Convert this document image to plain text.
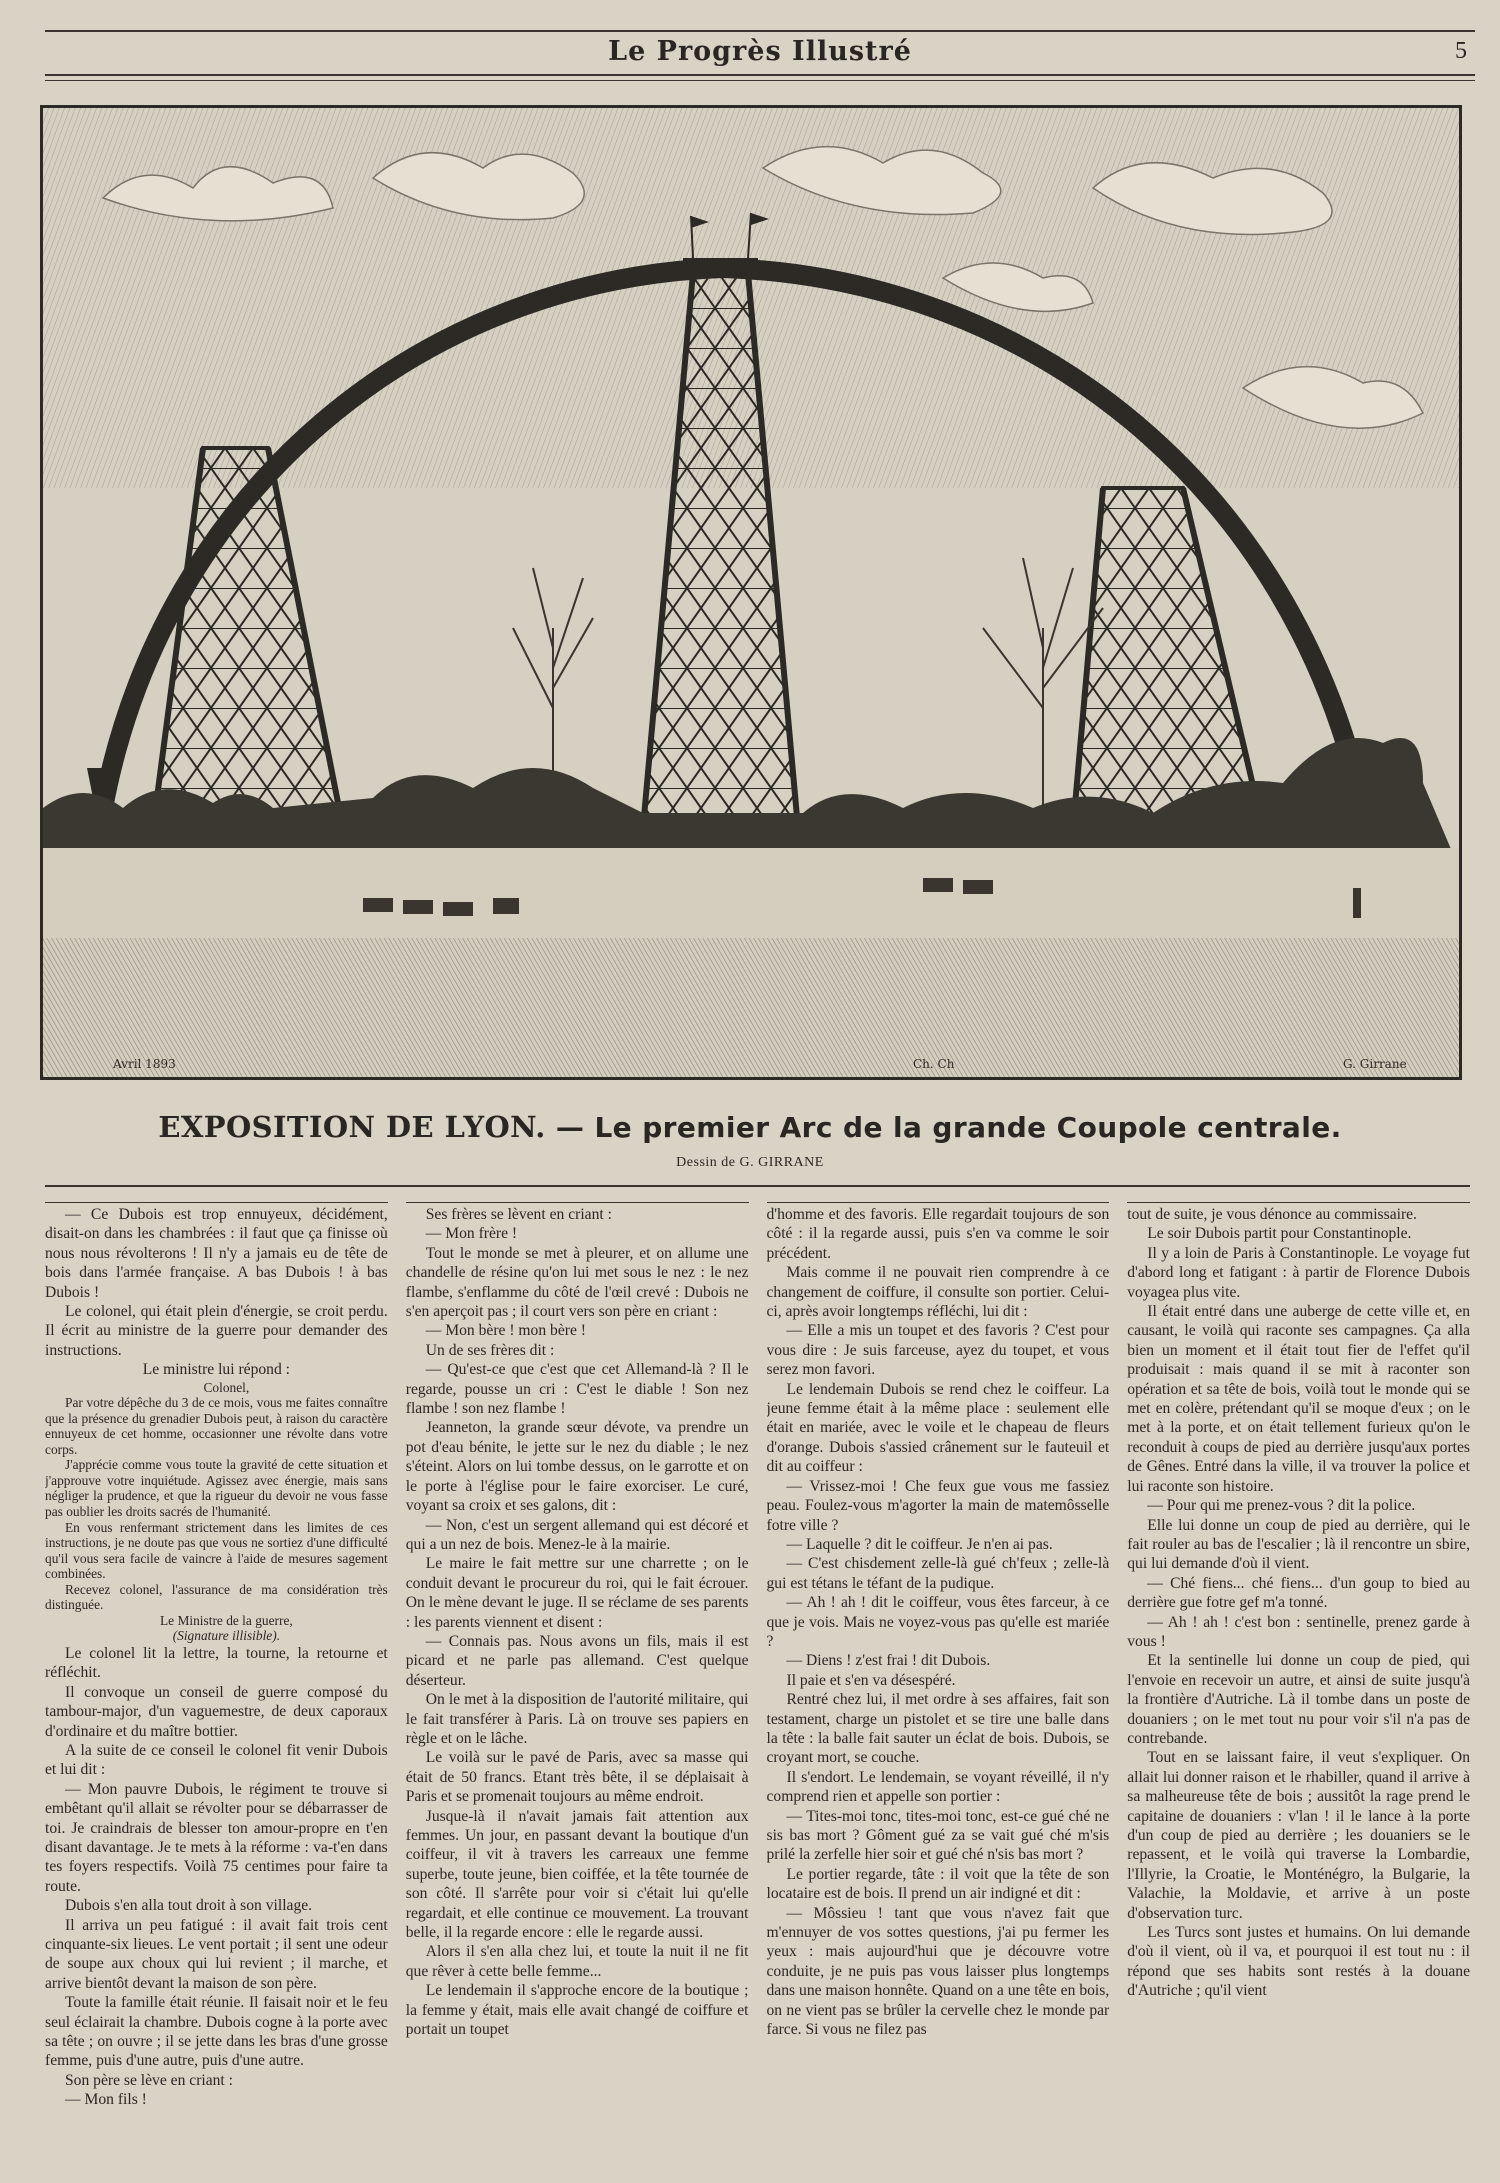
Le Progrès Illustré	5
Avril 1893	Ch. Ch	G. Girrane
EXPOSITION DE LYON. — Le premier Arc de la grande Coupole centrale.
Dessin de G. GIRRANE

— Ce Dubois est trop ennuyeux, décidément, disait-on dans les chambrées : il faut que ça finisse où nous nous révolterons ! Il n'y a jamais eu de tête de bois dans l'armée française. A bas Dubois ! à bas Dubois !

Le colonel, qui était plein d'énergie, se croit perdu. Il écrit au ministre de la guerre pour demander des instructions.

Le ministre lui répond :

Colonel,

Par votre dépêche du 3 de ce mois, vous me faites connaître que la présence du grenadier Dubois peut, à raison du caractère ennuyeux de cet homme, occasionner une révolte dans votre corps.

J'apprécie comme vous toute la gravité de cette situation et j'approuve votre inquiétude. Agissez avec énergie, mais sans négliger la prudence, et que la rigueur du devoir ne vous fasse pas oublier les droits sacrés de l'humanité.

En vous renfermant strictement dans les limites de ces instructions, je ne doute pas que vous ne sortiez d'une difficulté qu'il vous sera facile de vaincre à l'aide de mesures sagement combinées.

Recevez colonel, l'assurance de ma considération très distinguée.

Le Ministre de la guerre,

(Signature illisible).

Le colonel lit la lettre, la tourne, la retourne et réfléchit.

Il convoque un conseil de guerre composé du tambour-major, d'un vaguemestre, de deux caporaux d'ordinaire et du maître bottier.

A la suite de ce conseil le colonel fit venir Dubois et lui dit :

— Mon pauvre Dubois, le régiment te trouve si embêtant qu'il allait se révolter pour se débarrasser de toi. Je craindrais de blesser ton amour-propre en t'en disant davantage. Je te mets à la réforme : va-t'en dans tes foyers respectifs. Voilà 75 centimes pour faire ta route.

Dubois s'en alla tout droit à son village.

Il arriva un peu fatigué : il avait fait trois cent cinquante-six lieues. Le vent portait ; il sent une odeur de soupe aux choux qui lui revient ; il marche, et arrive bientôt devant la maison de son père.

Toute la famille était réunie. Il faisait noir et le feu seul éclairait la chambre. Dubois cogne à la porte avec sa tête ; on ouvre ; il se jette dans les bras d'une grosse femme, puis d'une autre, puis d'une autre.

Son père se lève en criant :

— Mon fils !

Ses frères se lèvent en criant :

— Mon frère !

Tout le monde se met à pleurer, et on allume une chandelle de résine qu'on lui met sous le nez : le nez flambe, s'enflamme du côté de l'œil crevé : Dubois ne s'en aperçoit pas ; il court vers son père en criant :

— Mon bère ! mon bère !

Un de ses frères dit :

— Qu'est-ce que c'est que cet Allemand-là ? Il le regarde, pousse un cri : C'est le diable ! Son nez flambe ! son nez flambe !

Jeanneton, la grande sœur dévote, va prendre un pot d'eau bénite, le jette sur le nez du diable ; le nez s'éteint. Alors on lui tombe dessus, on le garrotte et on le porte à l'église pour le faire exorciser. Le curé, voyant sa croix et ses galons, dit :

— Non, c'est un sergent allemand qui est décoré et qui a un nez de bois. Menez-le à la mairie.

Le maire le fait mettre sur une charrette ; on le conduit devant le procureur du roi, qui le fait écrouer. On le mène devant le juge. Il se réclame de ses parents : les parents viennent et disent :

— Connais pas. Nous avons un fils, mais il est picard et ne parle pas allemand. C'est quelque déserteur.

On le met à la disposition de l'autorité militaire, qui le fait transférer à Paris. Là on trouve ses papiers en règle et on le lâche.

Le voilà sur le pavé de Paris, avec sa masse qui était de 50 francs. Etant très bête, il se déplaisait à Paris et se promenait toujours au même endroit.

Jusque-là il n'avait jamais fait attention aux femmes. Un jour, en passant devant la boutique d'un coiffeur, il vit à travers les carreaux une femme superbe, toute jeune, bien coiffée, et la tête tournée de son côté. Il s'arrête pour voir si c'était lui qu'elle regardait, et elle continue ce mouvement. La trouvant belle, il la regarde encore : elle le regarde aussi.

Alors il s'en alla chez lui, et toute la nuit il ne fit que rêver à cette belle femme...

Le lendemain il s'approche encore de la boutique ; la femme y était, mais elle avait changé de coiffure et portait un toupet

d'homme et des favoris. Elle regardait toujours de son côté : il la regarde aussi, puis s'en va comme le soir précédent.

Mais comme il ne pouvait rien comprendre à ce changement de coiffure, il consulte son portier. Celui-ci, après avoir longtemps réfléchi, lui dit :

— Elle a mis un toupet et des favoris ? C'est pour vous dire : Je suis farceuse, ayez du toupet, et vous serez mon favori.

Le lendemain Dubois se rend chez le coiffeur. La jeune femme était à la même place : seulement elle était en mariée, avec le voile et le chapeau de fleurs d'orange. Dubois s'assied crânement sur le fauteuil et dit au coiffeur :

— Vrissez-moi ! Che feux gue vous me fassiez peau. Foulez-vous m'agorter la main de matemôsselle fotre ville ?

— Laquelle ? dit le coiffeur. Je n'en ai pas.

— C'est chisdement zelle-là gué ch'feux ; zelle-là gui est tétans le téfant de la pudique.

— Ah ! ah ! dit le coiffeur, vous êtes farceur, à ce que je vois. Mais ne voyez-vous pas qu'elle est mariée ?

— Diens ! z'est frai ! dit Dubois.

Il paie et s'en va désespéré.

Rentré chez lui, il met ordre à ses affaires, fait son testament, charge un pistolet et se tire une balle dans la tête : la balle fait sauter un éclat de bois. Dubois, se croyant mort, se couche.

Il s'endort. Le lendemain, se voyant réveillé, il n'y comprend rien et appelle son portier :

— Tites-moi tonc, tites-moi tonc, est-ce gué ché ne sis bas mort ? Gôment gué za se vait gué ché m'sis prilé la zerfelle hier soir et gué ché n'sis bas mort ?

Le portier regarde, tâte : il voit que la tête de son locataire est de bois. Il prend un air indigné et dit :

— Môssieu ! tant que vous n'avez fait que m'ennuyer de vos sottes questions, j'ai pu fermer les yeux : mais aujourd'hui que je découvre votre conduite, je ne puis pas vous laisser plus longtemps dans une maison honnête. Quand on a une tête en bois, on ne vient pas se brûler la cervelle chez le monde par farce. Si vous ne filez pas

tout de suite, je vous dénonce au commissaire.

Le soir Dubois partit pour Constantinople.

Il y a loin de Paris à Constantinople. Le voyage fut d'abord long et fatigant : à partir de Florence Dubois voyagea plus vite.

Il était entré dans une auberge de cette ville et, en causant, le voilà qui raconte ses campagnes. Ça alla bien un moment et il était tout fier de l'effet qu'il produisait : mais quand il se mit à raconter son opération et sa tête de bois, voilà tout le monde qui se met en colère, prétendant qu'il se moque d'eux ; on le met à la porte, et on était tellement furieux qu'on le reconduit à coups de pied au derrière jusqu'aux portes de Gênes. Entré dans la ville, il va trouver la police et lui raconte son histoire.

— Pour qui me prenez-vous ? dit la police.

Elle lui donne un coup de pied au derrière, qui le fait rouler au bas de l'escalier ; là il rencontre un sbire, qui lui demande d'où il vient.

— Ché fiens... ché fiens... d'un goup to bied au derrière gue fotre gef m'a tonné.

— Ah ! ah ! c'est bon : sentinelle, prenez garde à vous !

Et la sentinelle lui donne un coup de pied, qui l'envoie en recevoir un autre, et ainsi de suite jusqu'à la frontière d'Autriche. Là il tombe dans un poste de douaniers ; on le met tout nu pour voir s'il n'a pas de contrebande.

Tout en se laissant faire, il veut s'expliquer. On allait lui donner raison et le rhabiller, quand il arrive à sa malheureuse tête de bois ; aussitôt la rage prend le capitaine de douaniers : v'lan ! il le lance à la porte d'un coup de pied au derrière ; les douaniers se le repassent, et le voilà qui traverse la Lombardie, l'Illyrie, la Croatie, le Monténégro, la Bulgarie, la Valachie, la Moldavie, et arrive à un poste d'observation turc.

Les Turcs sont justes et humains. On lui demande d'où il vient, où il va, et pourquoi il est tout nu : il répond que ses habits sont restés à la douane d'Autriche ; qu'il vient
